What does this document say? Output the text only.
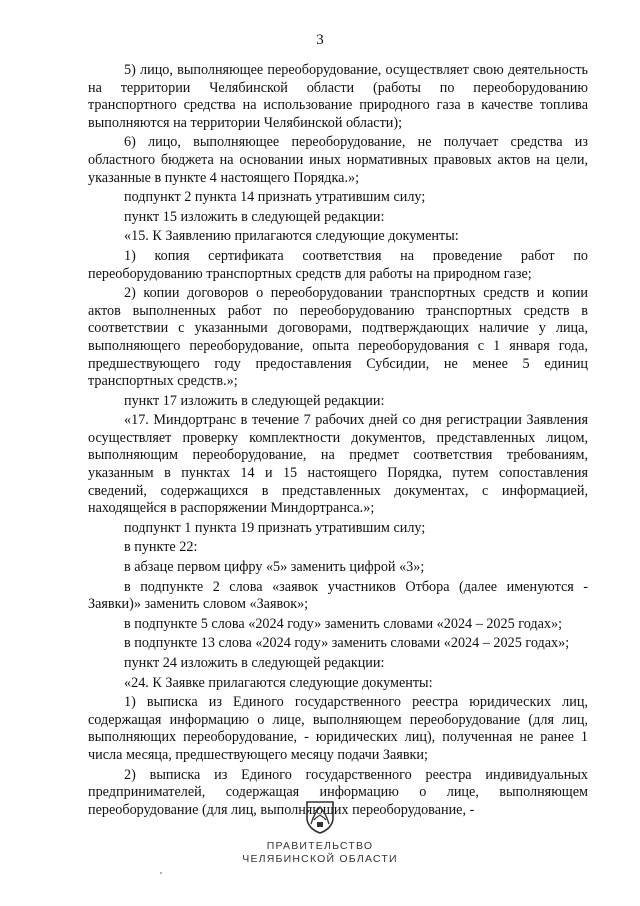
3

5) лицо, выполняющее переоборудование, осуществляет свою деятельность на территории Челябинской области (работы по переоборудованию транспортного средства на использование природного газа в качестве топлива выполняются на территории Челябинской области);

6) лицо, выполняющее переоборудование, не получает средства из областного бюджета на основании иных нормативных правовых актов на цели, указанные в пункте 4 настоящего Порядка.»;

подпункт 2 пункта 14 признать утратившим силу;

пункт 15 изложить в следующей редакции:

«15. К Заявлению прилагаются следующие документы:

1) копия сертификата соответствия на проведение работ по переоборудованию транспортных средств для работы на природном газе;

2) копии договоров о переоборудовании транспортных средств и копии актов выполненных работ по переоборудованию транспортных средств в соответствии с указанными договорами, подтверждающих наличие у лица, выполняющего переоборудование, опыта переоборудования с 1 января года, предшествующего году предоставления Субсидии, не менее 5 единиц транспортных средств.»;

пункт 17 изложить в следующей редакции:

«17. Миндортранс в течение 7 рабочих дней со дня регистрации Заявления осуществляет проверку комплектности документов, представленных лицом, выполняющим переоборудование, на предмет соответствия требованиям, указанным в пунктах 14 и 15 настоящего Порядка, путем сопоставления сведений, содержащихся в представленных документах, с информацией, находящейся в распоряжении Миндортранса.»;

подпункт 1 пункта 19 признать утратившим силу;

в пункте 22:

в абзаце первом цифру «5» заменить цифрой «3»;

в подпункте 2 слова «заявок участников Отбора (далее именуются - Заявки)» заменить словом «Заявок»;

в подпункте 5 слова «2024 году» заменить словами «2024 – 2025 годах»;

в подпункте 13 слова «2024 году» заменить словами «2024 – 2025 годах»;

пункт 24 изложить в следующей редакции:

«24. К Заявке прилагаются следующие документы:

1) выписка из Единого государственного реестра юридических лиц, содержащая информацию о лице, выполняющем переоборудование (для лиц, выполняющих переоборудование, - юридических лиц), полученная не ранее 1 числа месяца, предшествующего месяцу подачи Заявки;

2) выписка из Единого государственного реестра индивидуальных предпринимателей, содержащая информацию о лице, выполняющем переоборудование (для лиц, выполняющих переоборудование, -

ПРАВИТЕЛЬСТВО
ЧЕЛЯБИНСКОЙ ОБЛАСТИ
